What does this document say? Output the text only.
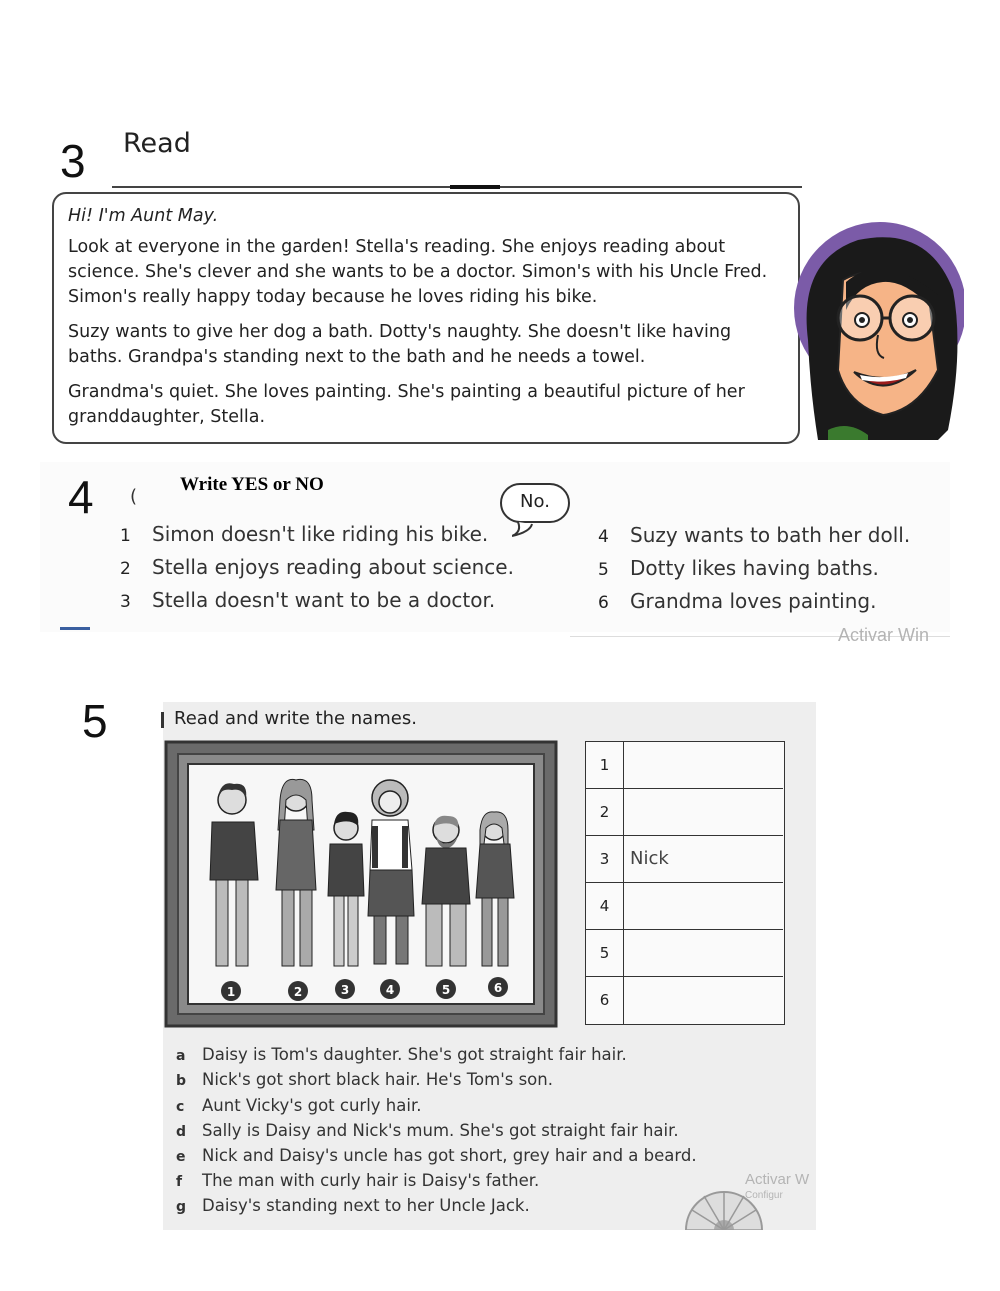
3 Read

Hi! I'm Aunt May.

Look at everyone in the garden! Stella's reading. She enjoys reading about science. She's clever and she wants to be a doctor. Simon's with his Uncle Fred. Simon's really happy today because he loves riding his bike.

Suzy wants to give her dog a bath. Dotty's naughty. She doesn't like having baths. Grandpa's standing next to the bath and he needs a towel.

Grandma's quiet. She loves painting. She's painting a beautiful picture of her granddaughter, Stella.

4 (
Write YES or NO
No.
1 Simon doesn't like riding his bike.
2 Stella enjoys reading about science.
3 Stella doesn't want to be a doctor.
4 Suzy wants to bath her doll.
5 Dotty likes having baths.
6 Grandma loves painting.
Activar Win
5	Read and write the names.
1	2	3	4	5	6
1
2
3	Nick
4
5
6
a Daisy is Tom's daughter. She's got straight fair hair.
b Nick's got short black hair. He's Tom's son.
c Aunt Vicky's got curly hair.
d Sally is Daisy and Nick's mum. She's got straight fair hair.
e Nick and Daisy's uncle has got short, grey hair and a beard.
f The man with curly hair is Daisy's father.
g Daisy's standing next to her Uncle Jack.
Activar W
Configur
